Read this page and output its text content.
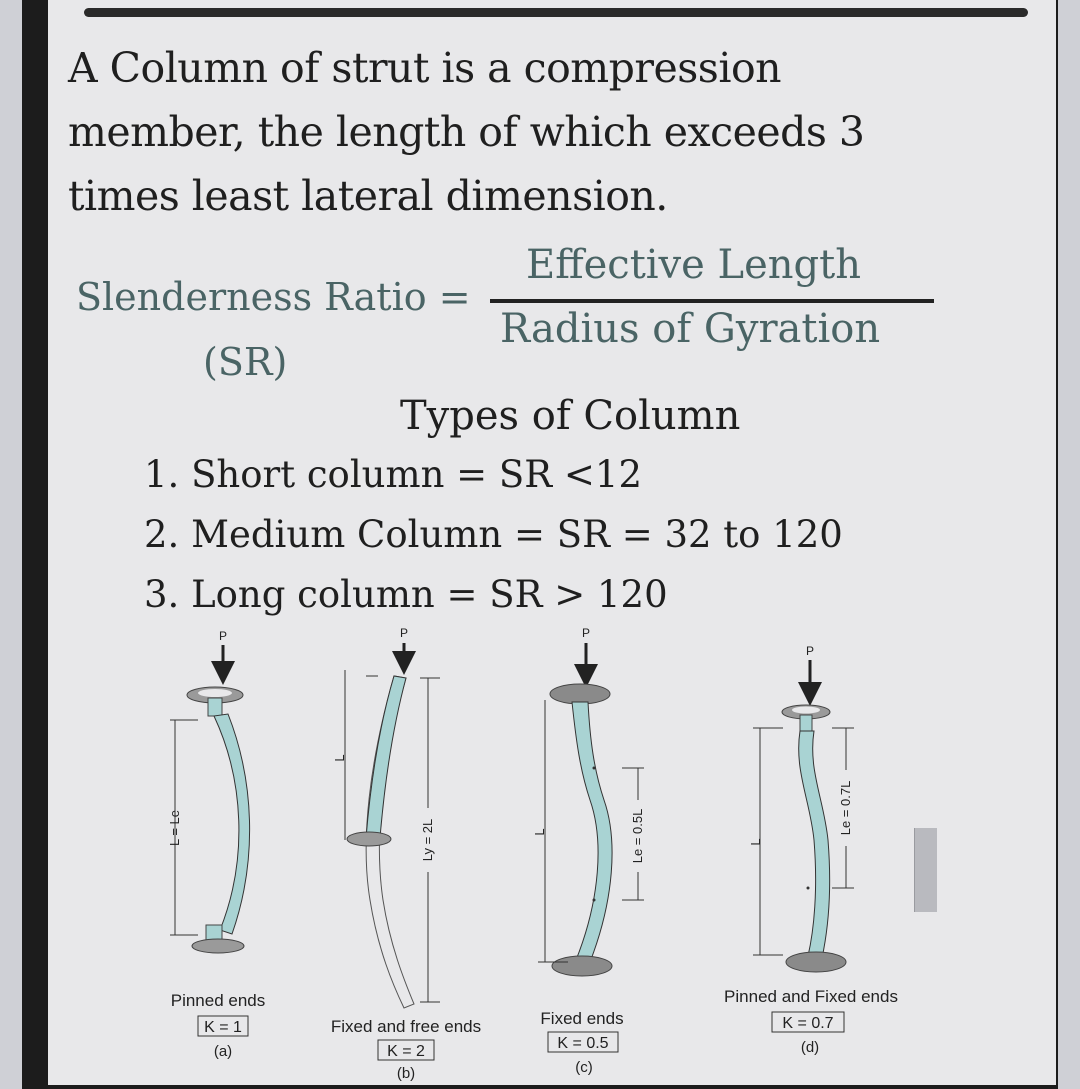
A Column of strut is a compression
member, the length of which exceeds 3
times least lateral dimension.
Slenderness Ratio =
(SR)
Effective Length
Radius of Gyration
Types of Column
1. Short column = SR <12
2. Medium Column = SR = 32 to 120
3. Long column = SR > 120
P
L = Le
Pinned ends
K = 1
(a)
P
L
Ly = 2L
Fixed and free ends
K = 2
(b)
P
L	Le = 0.5L
Fixed ends
K = 0.5
(c)
P
L
Le = 0.7L
Pinned and Fixed ends
K = 0.7
(d)
